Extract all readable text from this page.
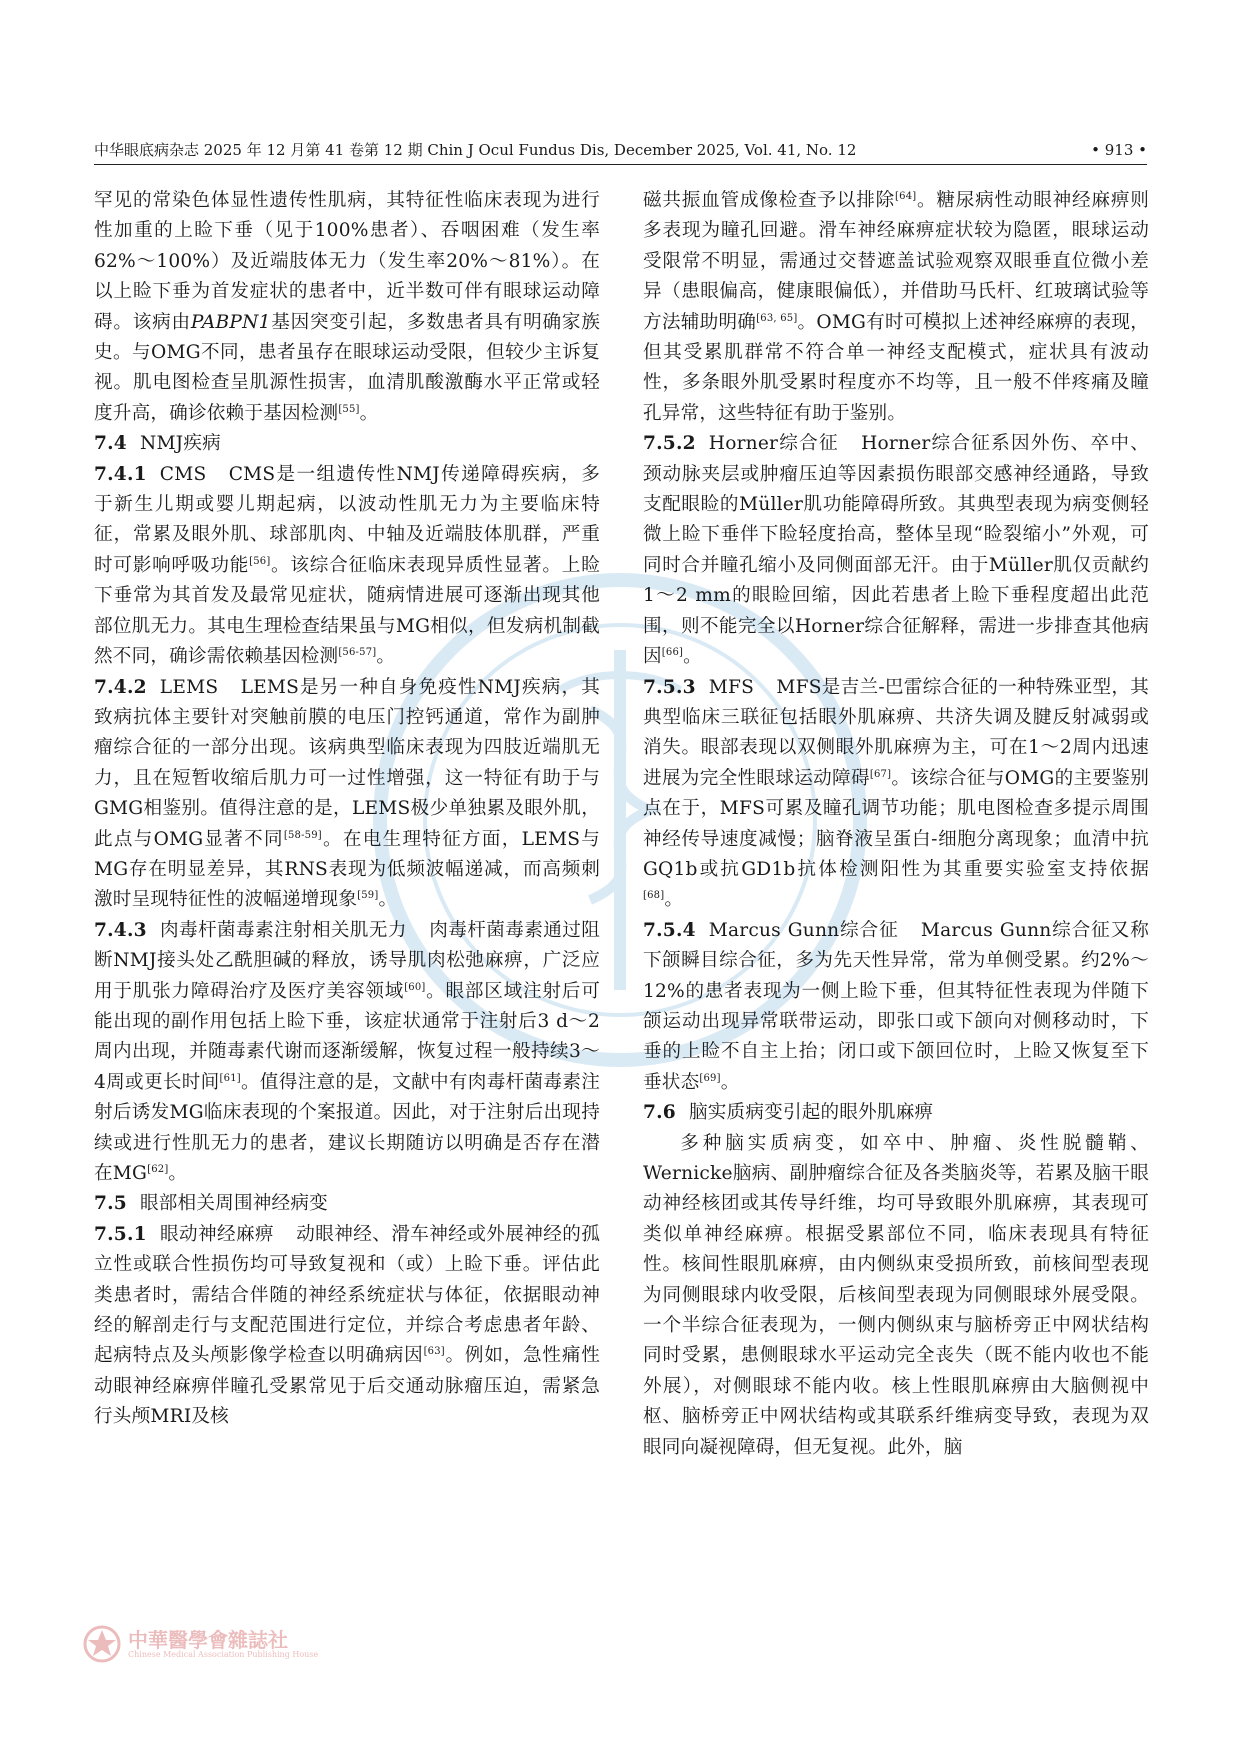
中华眼底病杂志 2025 年 12 月第 41 卷第 12 期 Chin J Ocul Fundus Dis, December 2025, Vol. 41, No. 12	• 913 •

罕见的常染色体显性遗传性肌病，其特征性临床表现为进行性加重的上睑下垂（见于100%患者）、吞咽困难（发生率62%～100%）及近端肢体无力（发生率20%～81%）。在以上睑下垂为首发症状的患者中，近半数可伴有眼球运动障碍。该病由PABPN1基因突变引起，多数患者具有明确家族史。与OMG不同，患者虽存在眼球运动受限，但较少主诉复视。肌电图检查呈肌源性损害，血清肌酸激酶水平正常或轻度升高，确诊依赖于基因检测[55]。

7.4 NMJ疾病

7.4.1 CMS CMS是一组遗传性NMJ传递障碍疾病，多于新生儿期或婴儿期起病，以波动性肌无力为主要临床特征，常累及眼外肌、球部肌肉、中轴及近端肢体肌群，严重时可影响呼吸功能[56]。该综合征临床表现异质性显著。上睑下垂常为其首发及最常见症状，随病情进展可逐渐出现其他部位肌无力。其电生理检查结果虽与MG相似，但发病机制截然不同，确诊需依赖基因检测[56-57]。

7.4.2 LEMS LEMS是另一种自身免疫性NMJ疾病，其致病抗体主要针对突触前膜的电压门控钙通道，常作为副肿瘤综合征的一部分出现。该病典型临床表现为四肢近端肌无力，且在短暂收缩后肌力可一过性增强，这一特征有助于与GMG相鉴别。值得注意的是，LEMS极少单独累及眼外肌，此点与OMG显著不同[58-59]。在电生理特征方面，LEMS与MG存在明显差异，其RNS表现为低频波幅递减，而高频刺激时呈现特征性的波幅递增现象[59]。

7.4.3 肉毒杆菌毒素注射相关肌无力 肉毒杆菌毒素通过阻断NMJ接头处乙酰胆碱的释放，诱导肌肉松弛麻痹，广泛应用于肌张力障碍治疗及医疗美容领域[60]。眼部区域注射后可能出现的副作用包括上睑下垂，该症状通常于注射后3 d～2周内出现，并随毒素代谢而逐渐缓解，恢复过程一般持续3～4周或更长时间[61]。值得注意的是，文献中有肉毒杆菌毒素注射后诱发MG临床表现的个案报道。因此，对于注射后出现持续或进行性肌无力的患者，建议长期随访以明确是否存在潜在MG[62]。

7.5 眼部相关周围神经病变

7.5.1 眼动神经麻痹 动眼神经、滑车神经或外展神经的孤立性或联合性损伤均可导致复视和（或）上睑下垂。评估此类患者时，需结合伴随的神经系统症状与体征，依据眼动神经的解剖走行与支配范围进行定位，并综合考虑患者年龄、起病特点及头颅影像学检查以明确病因[63]。例如，急性痛性动眼神经麻痹伴瞳孔受累常见于后交通动脉瘤压迫，需紧急行头颅MRI及核

磁共振血管成像检查予以排除[64]。糖尿病性动眼神经麻痹则多表现为瞳孔回避。滑车神经麻痹症状较为隐匿，眼球运动受限常不明显，需通过交替遮盖试验观察双眼垂直位微小差异（患眼偏高，健康眼偏低），并借助马氏杆、红玻璃试验等方法辅助明确[63, 65]。OMG有时可模拟上述神经麻痹的表现，但其受累肌群常不符合单一神经支配模式，症状具有波动性，多条眼外肌受累时程度亦不均等，且一般不伴疼痛及瞳孔异常，这些特征有助于鉴别。

7.5.2 Horner综合征 Horner综合征系因外伤、卒中、颈动脉夹层或肿瘤压迫等因素损伤眼部交感神经通路，导致支配眼睑的Müller肌功能障碍所致。其典型表现为病变侧轻微上睑下垂伴下睑轻度抬高，整体呈现“睑裂缩小”外观，可同时合并瞳孔缩小及同侧面部无汗。由于Müller肌仅贡献约1～2 mm的眼睑回缩，因此若患者上睑下垂程度超出此范围，则不能完全以Horner综合征解释，需进一步排查其他病因[66]。

7.5.3 MFS MFS是吉兰-巴雷综合征的一种特殊亚型，其典型临床三联征包括眼外肌麻痹、共济失调及腱反射减弱或消失。眼部表现以双侧眼外肌麻痹为主，可在1～2周内迅速进展为完全性眼球运动障碍[67]。该综合征与OMG的主要鉴别点在于，MFS可累及瞳孔调节功能；肌电图检查多提示周围神经传导速度减慢；脑脊液呈蛋白-细胞分离现象；血清中抗GQ1b或抗GD1b抗体检测阳性为其重要实验室支持依据[68]。

7.5.4 Marcus Gunn综合征 Marcus Gunn综合征又称下颌瞬目综合征，多为先天性异常，常为单侧受累。约2%～12%的患者表现为一侧上睑下垂，但其特征性表现为伴随下颌运动出现异常联带运动，即张口或下颌向对侧移动时，下垂的上睑不自主上抬；闭口或下颌回位时，上睑又恢复至下垂状态[69]。

7.6 脑实质病变引起的眼外肌麻痹

多种脑实质病变，如卒中、肿瘤、炎性脱髓鞘、Wernicke脑病、副肿瘤综合征及各类脑炎等，若累及脑干眼动神经核团或其传导纤维，均可导致眼外肌麻痹，其表现可类似单神经麻痹。根据受累部位不同，临床表现具有特征性。核间性眼肌麻痹，由内侧纵束受损所致，前核间型表现为同侧眼球内收受限，后核间型表现为同侧眼球外展受限。一个半综合征表现为，一侧内侧纵束与脑桥旁正中网状结构同时受累，患侧眼球水平运动完全丧失（既不能内收也不能外展），对侧眼球不能内收。核上性眼肌麻痹由大脑侧视中枢、脑桥旁正中网状结构或其联系纤维病变导致，表现为双眼同向凝视障碍，但无复视。此外，脑

中華醫學會雜誌社
Chinese Medical Association Publishing House
